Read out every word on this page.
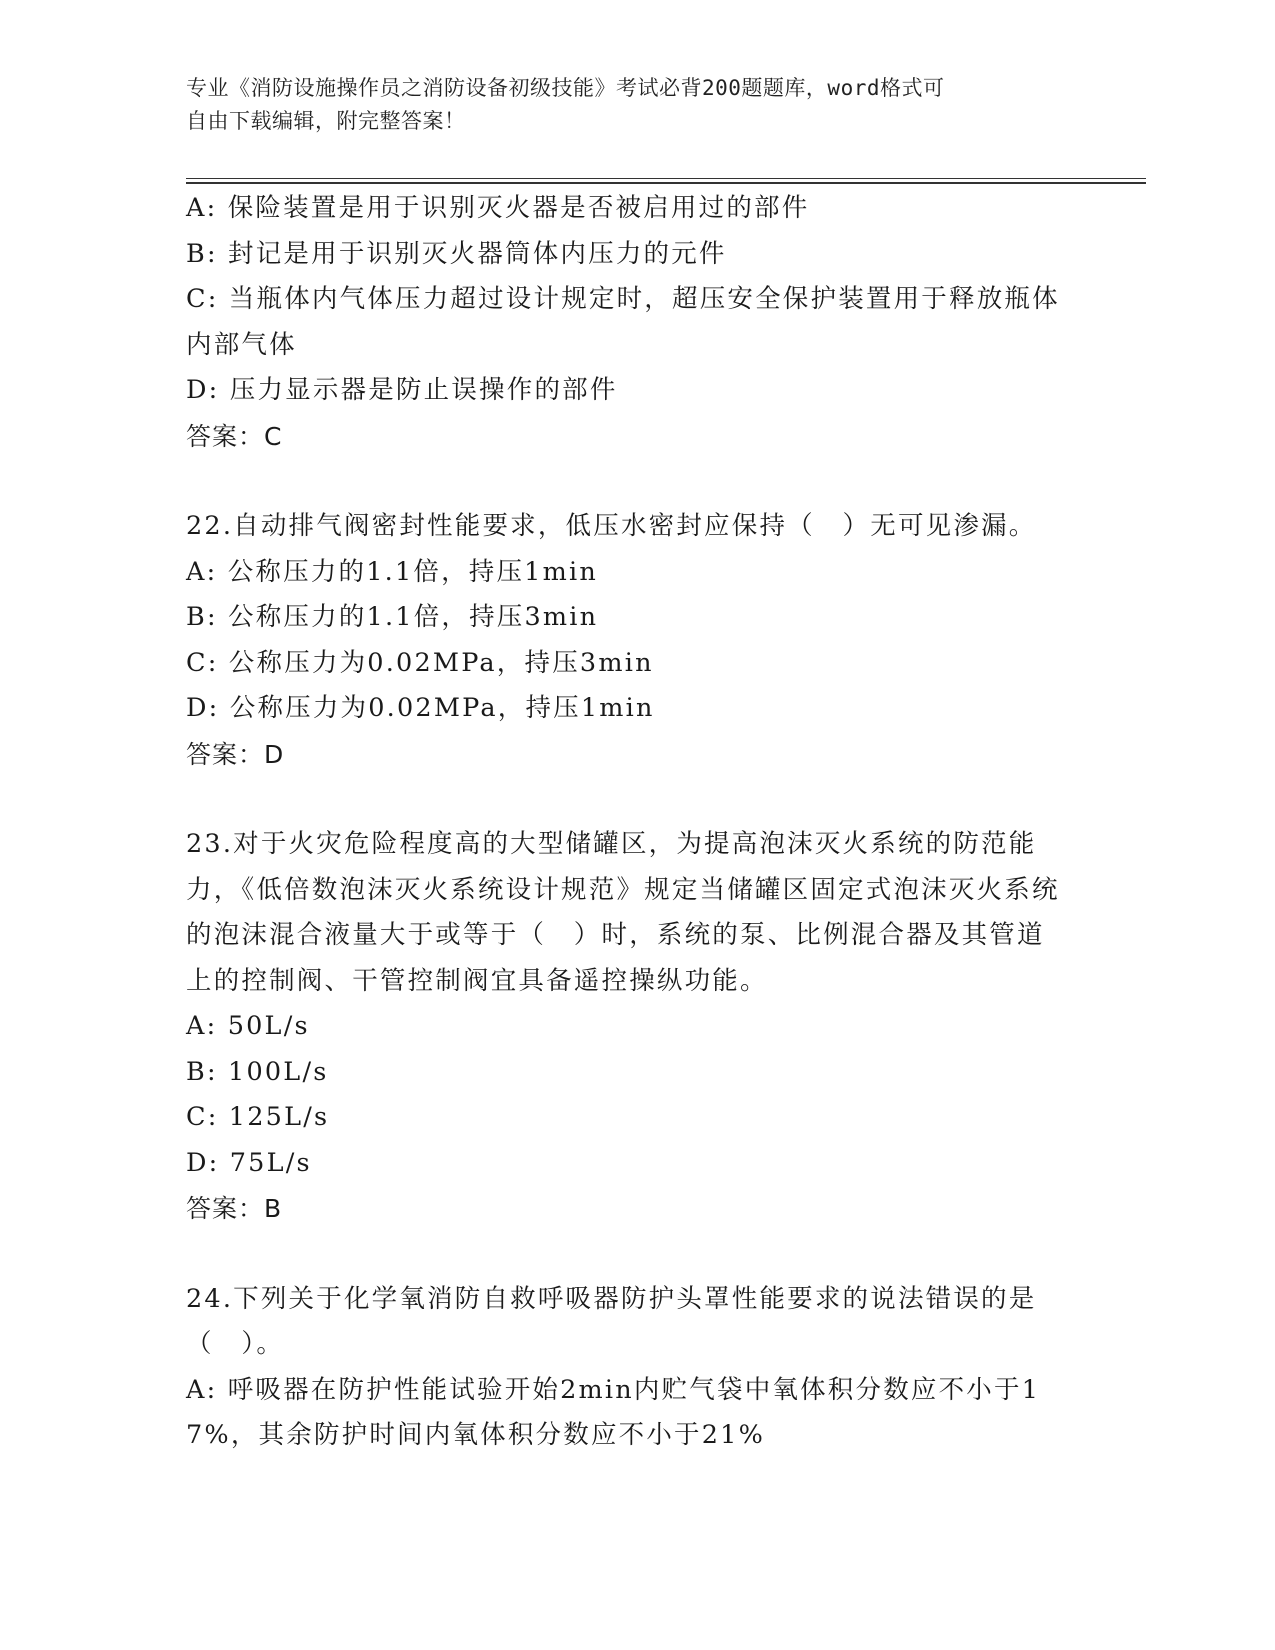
专业《消防设施操作员之消防设备初级技能》考试必背200题题库，word格式可
自由下载编辑，附完整答案！
A: 保险装置是用于识别灭火器是否被启用过的部件
B: 封记是用于识别灭火器筒体内压力的元件
C: 当瓶体内气体压力超过设计规定时，超压安全保护装置用于释放瓶体内部气体
D: 压力显示器是防止误操作的部件
答案：C
22.自动排气阀密封性能要求，低压水密封应保持（　）无可见渗漏。
A: 公称压力的1.1倍，持压1min
B: 公称压力的1.1倍，持压3min
C: 公称压力为0.02MPa，持压3min
D: 公称压力为0.02MPa，持压1min
答案：D
23.对于火灾危险程度高的大型储罐区，为提高泡沫灭火系统的防范能力，《低倍数泡沫灭火系统设计规范》规定当储罐区固定式泡沫灭火系统的泡沫混合液量大于或等于（　）时，系统的泵、比例混合器及其管道上的控制阀、干管控制阀宜具备遥控操纵功能。
A: 50L/s
B: 100L/s
C: 125L/s
D: 75L/s
答案：B
24.下列关于化学氧消防自救呼吸器防护头罩性能要求的说法错误的是（　）。
A: 呼吸器在防护性能试验开始2min内贮气袋中氧体积分数应不小于17%，其余防护时间内氧体积分数应不小于21%
